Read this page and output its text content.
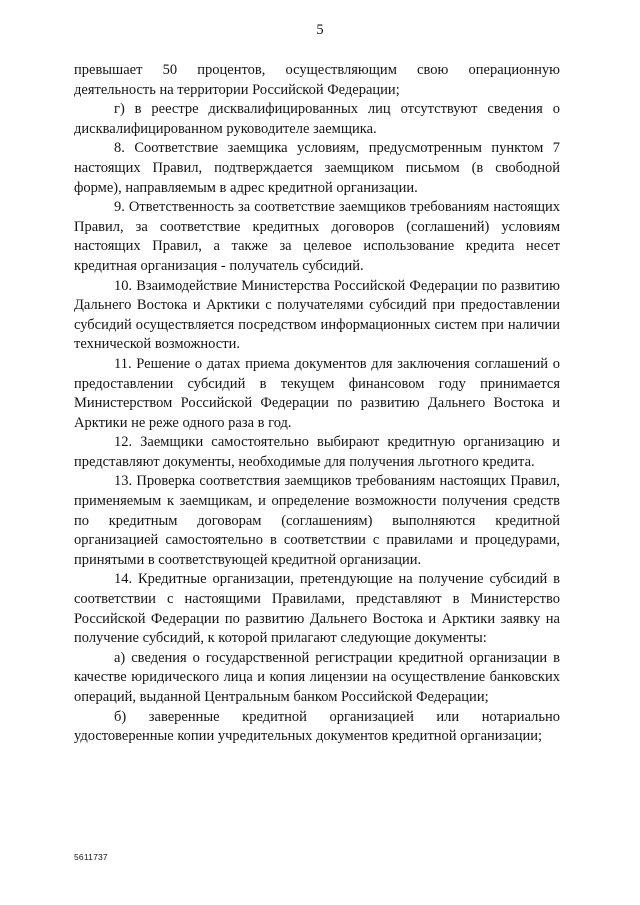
5

превышает 50 процентов, осуществляющим свою операционную деятельность на территории Российской Федерации;

г) в реестре дисквалифицированных лиц отсутствуют сведения о дисквалифицированном руководителе заемщика.

8. Соответствие заемщика условиям, предусмотренным пунктом 7 настоящих Правил, подтверждается заемщиком письмом (в свободной форме), направляемым в адрес кредитной организации.

9. Ответственность за соответствие заемщиков требованиям настоящих Правил, за соответствие кредитных договоров (соглашений) условиям настоящих Правил, а также за целевое использование кредита несет кредитная организация - получатель субсидий.

10. Взаимодействие Министерства Российской Федерации по развитию Дальнего Востока и Арктики с получателями субсидий при предоставлении субсидий осуществляется посредством информационных систем при наличии технической возможности.

11. Решение о датах приема документов для заключения соглашений о предоставлении субсидий в текущем финансовом году принимается Министерством Российской Федерации по развитию Дальнего Востока и Арктики не реже одного раза в год.

12. Заемщики самостоятельно выбирают кредитную организацию и представляют документы, необходимые для получения льготного кредита.

13. Проверка соответствия заемщиков требованиям настоящих Правил, применяемым к заемщикам, и определение возможности получения средств по кредитным договорам (соглашениям) выполняются кредитной организацией самостоятельно в соответствии с правилами и процедурами, принятыми в соответствующей кредитной организации.

14. Кредитные организации, претендующие на получение субсидий в соответствии с настоящими Правилами, представляют в Министерство Российской Федерации по развитию Дальнего Востока и Арктики заявку на получение субсидий, к которой прилагают следующие документы:

а) сведения о государственной регистрации кредитной организации в качестве юридического лица и копия лицензии на осуществление банковских операций, выданной Центральным банком Российской Федерации;

б) заверенные кредитной организацией или нотариально удостоверенные копии учредительных документов кредитной организации;

5611737
